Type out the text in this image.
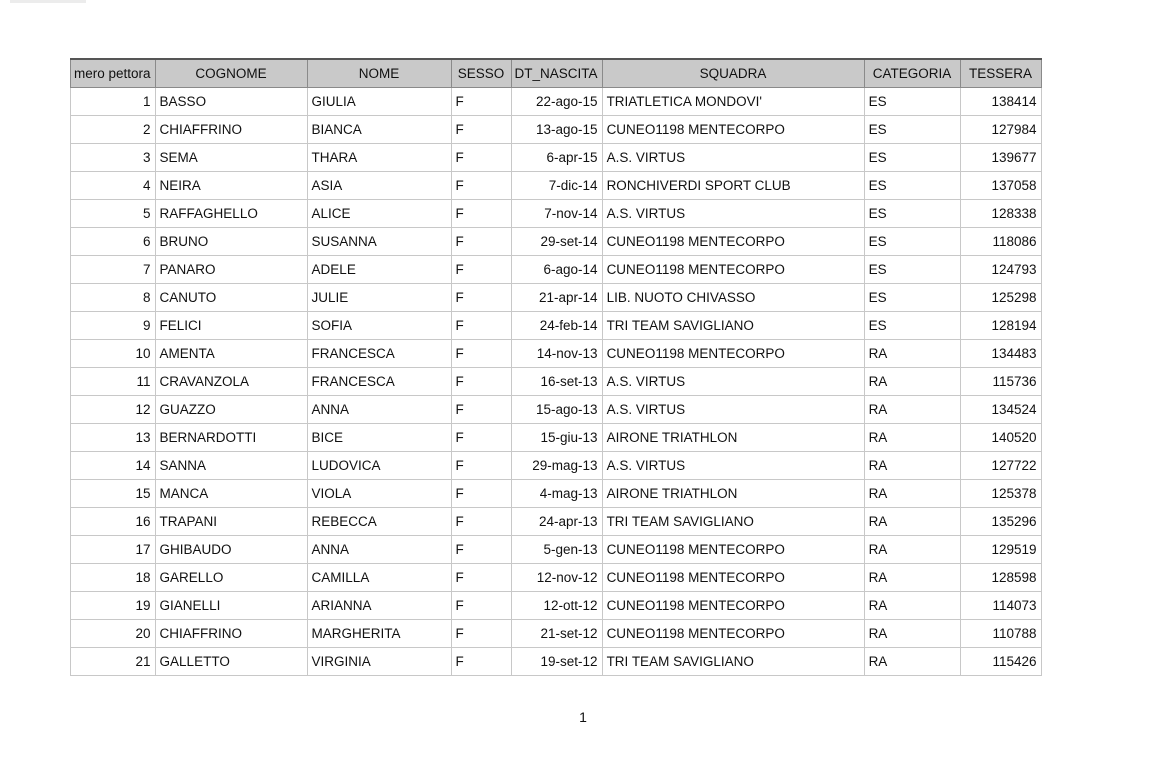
mero pettora	COGNOME	NOME	SESSO	DT_NASCITA	SQUADRA	CATEGORIA	TESSERA
1	BASSO	GIULIA	F	22-ago-15	TRIATLETICA MONDOVI'	ES	138414
2	CHIAFFRINO	BIANCA	F	13-ago-15	CUNEO1198 MENTECORPO	ES	127984
3	SEMA	THARA	F	6-apr-15	A.S. VIRTUS	ES	139677
4	NEIRA	ASIA	F	7-dic-14	RONCHIVERDI SPORT CLUB	ES	137058
5	RAFFAGHELLO	ALICE	F	7-nov-14	A.S. VIRTUS	ES	128338
6	BRUNO	SUSANNA	F	29-set-14	CUNEO1198 MENTECORPO	ES	118086
7	PANARO	ADELE	F	6-ago-14	CUNEO1198 MENTECORPO	ES	124793
8	CANUTO	JULIE	F	21-apr-14	LIB. NUOTO CHIVASSO	ES	125298
9	FELICI	SOFIA	F	24-feb-14	TRI TEAM SAVIGLIANO	ES	128194
10	AMENTA	FRANCESCA	F	14-nov-13	CUNEO1198 MENTECORPO	RA	134483
11	CRAVANZOLA	FRANCESCA	F	16-set-13	A.S. VIRTUS	RA	115736
12	GUAZZO	ANNA	F	15-ago-13	A.S. VIRTUS	RA	134524
13	BERNARDOTTI	BICE	F	15-giu-13	AIRONE TRIATHLON	RA	140520
14	SANNA	LUDOVICA	F	29-mag-13	A.S. VIRTUS	RA	127722
15	MANCA	VIOLA	F	4-mag-13	AIRONE TRIATHLON	RA	125378
16	TRAPANI	REBECCA	F	24-apr-13	TRI TEAM SAVIGLIANO	RA	135296
17	GHIBAUDO	ANNA	F	5-gen-13	CUNEO1198 MENTECORPO	RA	129519
18	GARELLO	CAMILLA	F	12-nov-12	CUNEO1198 MENTECORPO	RA	128598
19	GIANELLI	ARIANNA	F	12-ott-12	CUNEO1198 MENTECORPO	RA	114073
20	CHIAFFRINO	MARGHERITA	F	21-set-12	CUNEO1198 MENTECORPO	RA	110788
21	GALLETTO	VIRGINIA	F	19-set-12	TRI TEAM SAVIGLIANO	RA	115426
1
